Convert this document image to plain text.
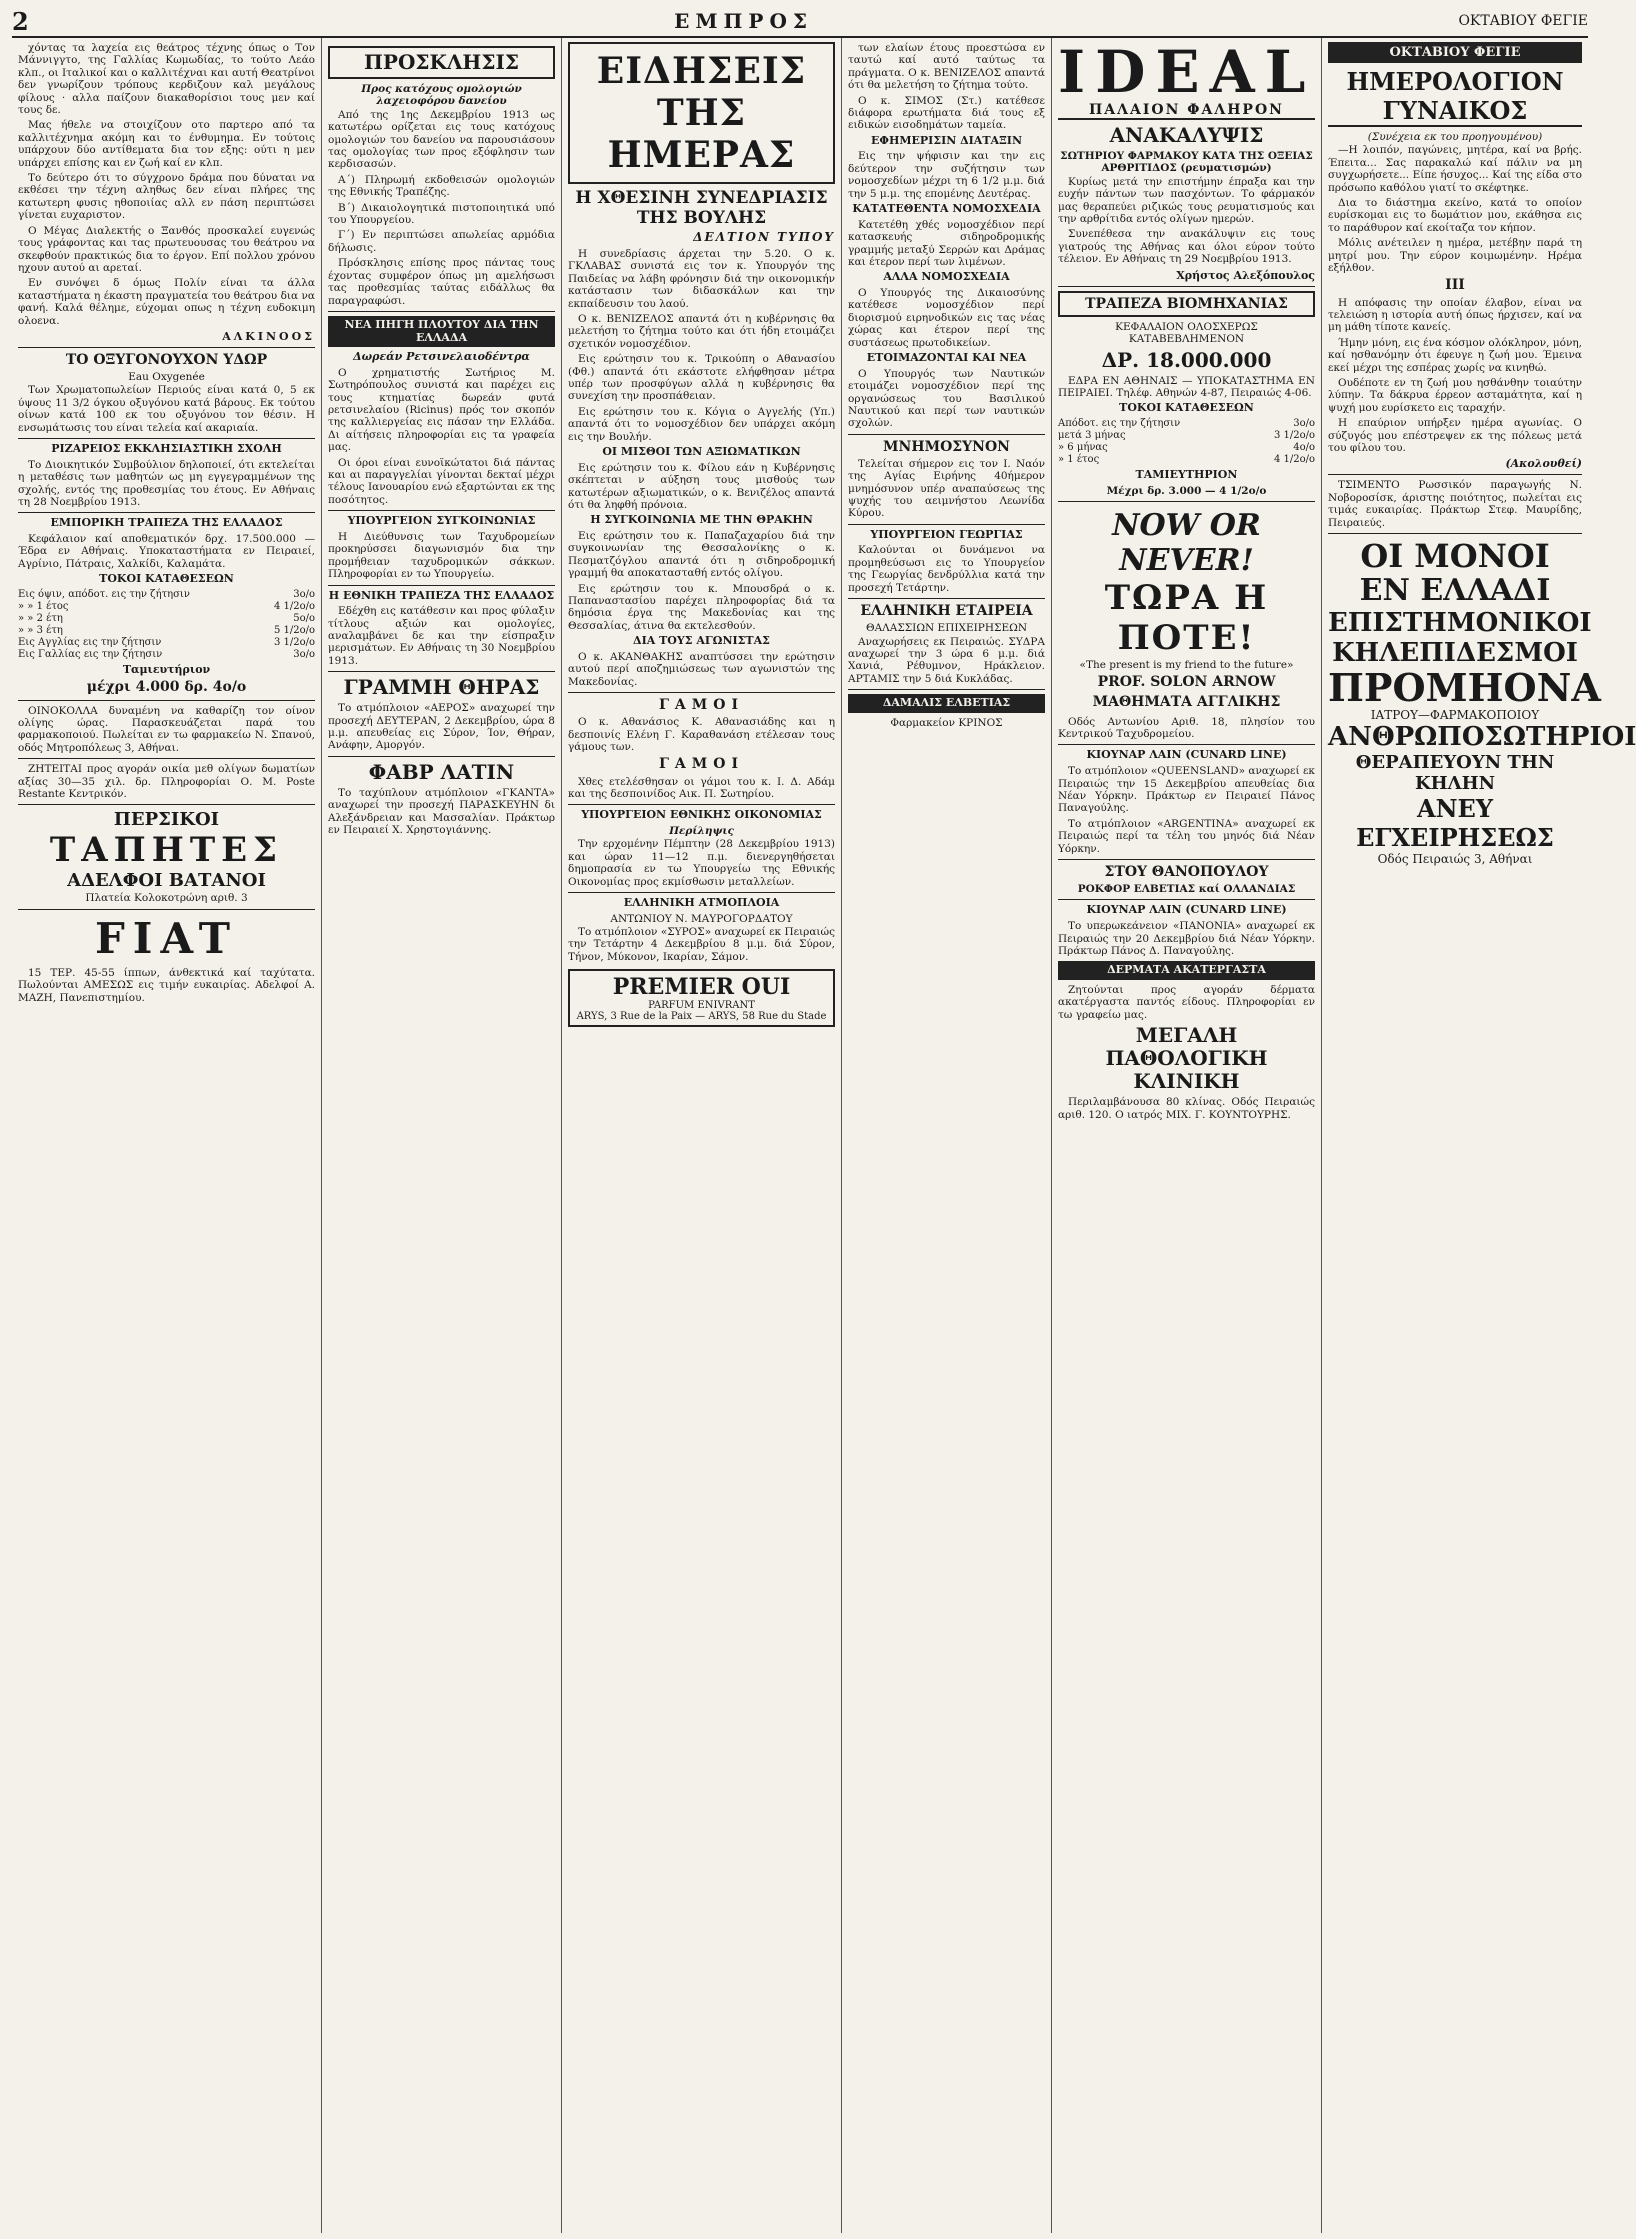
2	ΕΜΠΡΟΣ	ΟΚΤΑΒΙΟΥ ΦΕΓΙΕ

χόντας τα λαχεία εις θεάτρος τέχνης όπως ο Τον Μάννιγγτο, της Γαλλίας Κωμωδίας, το τούτο Λεάο κλπ., οι Ιταλικοί και ο καλλιτέχναι και αυτή Θεατρίνοι δεν γνωρίζουν τρόπους κερδιζουν καλ μεγάλους φίλους · αλλα παίζουν διακαθορίσιοι τους μεν καί τους δε.

Μας ήθελε να στοιχίζουν οτο παρτερο από τα καλλιτέχνημα ακόμη και το ένθυμημα. Εν τούτοις υπάρχουν δύο αντίθεματα δια τον εξης: ούτι η μεν υπάρχει επίσης και εν ζωή καί εν κλπ.

Το δεύτερο ότι το σύγχρονο δράμα που δύναται να εκθέσει την τέχνη αληθως δεν είναι πλήρες της κατωτερη φυσις ηθοποιίας αλλ εν πάση περιπτώσει γίνεται ευχαριστον.

Ο Μέγας Διαλεκτής ο Ξανθός προσκαλεί ευγενώς τους γράφοντας και τας πρωτευουσας του θεάτρου να σκεφθούν πρακτικώς δια το έργον. Επί πολλου χρόνου ηχουν αυτού αι αρεταί.

Εν συνόψει δ όμως Πολίν είναι τα άλλα καταστήματα η έκαστη πραγματεία του θεάτρου δια να φανή. Καλά θέλημε, εύχομαι οπως η τέχνη ευδοκιμη ολοενα.

ΑΛΚΙΝΟΟΣ
ΤΟ ΟΞΥΓΟΝΟΥΧΟΝ ΥΔΩΡ
Eau Oxygenée

Των Χρωματοπωλείων Περιούς είναι κατά 0, 5 εκ ύψους 11 3/2 όγκου οξυγόνου κατά βάρους. Εκ τούτου οίνων κατά 100 εκ του οξυγόνου τον θέσιν. Η ενσωμάτωσις του είναι τελεία καί ακαριαία.

ΡΙΖΑΡΕΙΟΣ ΕΚΚΛΗΣΙΑΣΤΙΚΗ ΣΧΟΛΗ

Το Διοικητικόν Συμβούλιον δηλοποιεί, ότι εκτελείται η μεταθέσις των μαθητών ως μη εγγεγραμμένων της σχολής, εντός της προθεσμίας του έτους. Εν Αθήναις τη 28 Νοεμβρίου 1913.

ΕΜΠΟΡΙΚΗ ΤΡΑΠΕΖΑ ΤΗΣ ΕΛΛΑΔΟΣ

Κεφάλαιον καί αποθεματικόν δρχ. 17.500.000 — Έδρα εν Αθήναις. Υποκαταστήματα εν Πειραιεί, Αγρίνιο, Πάτραις, Χαλκίδι, Καλαμάτα.

ΤΟΚΟΙ ΚΑΤΑΘΕΣΕΩΝ
Εις όψιν, απόδοτ. εις την ζήτησιν	3ο/ο
» » 1 έτος	4 1/2ο/ο
» » 2 έτη	5ο/ο
» » 3 έτη	5 1/2ο/ο
Εις Αγγλίας εις την ζήτησιν	3 1/2ο/ο
Εις Γαλλίας εις την ζήτησιν	3ο/ο
Ταμιευτήριον
μέχρι 4.000 δρ. 4ο/ο

ΟΙΝΟΚΟΛΛΑ δυναμένη να καθαρίζη τον οίνον ολίγης ώρας. Παρασκευάζεται παρά του φαρμακοποιού. Πωλείται εν τω φαρμακείω Ν. Σπανού, οδός Μητροπόλεως 3, Αθήναι.

ΖΗΤΕΙΤΑΙ προς αγοράν οικία μεθ ολίγων δωματίων αξίας 30—35 χιλ. δρ. Πληροφορίαι Ο. Μ. Poste Restante Κεντρικόν.

ΠΕΡΣΙΚΟΙ
ΤΑΠΗΤΕΣ
ΑΔΕΛΦΟΙ ΒΑΤΑΝΟΙ
Πλατεία Κολοκοτρώνη αριθ. 3
FIAT

15 ΤΕΡ. 45-55 ίππων, άνθεκτικά καί ταχύτατα. Πωλούνται ΑΜΕΣΩΣ εις τιμήν ευκαιρίας. Αδελφοί Α. ΜΑΖΗ, Πανεπιστημίου.

ΠΡΟΣΚΛΗΣΙΣ
Προς κατόχους ομολογιών λαχειοφόρου δανείου

Από της 1ης Δεκεμβρίου 1913 ως κατωτέρω ορίζεται εις τους κατόχους ομολογιών του δανείου να παρουσιάσουν τας ομολογίας των προς εξόφλησιν των κερδισασών.

Α΄) Πληρωμή εκδοθεισών ομολογιών της Εθνικής Τραπέζης.

Β΄) Δικαιολογητικά πιστοποιητικά υπό του Υπουργείου.

Γ΄) Εν περιπτώσει απωλείας αρμόδια δήλωσις.

Πρόσκλησις επίσης προς πάντας τους έχοντας συμφέρον όπως μη αμελήσωσι τας προθεσμίας ταύτας ειδάλλως θα παραγραφώσι.

ΝΕΑ ΠΗΓΗ ΠΛΟΥΤΟΥ ΔΙΑ ΤΗΝ ΕΛΛΑΔΑ
Δωρεάν Ρετσινελαιοδέντρα

Ο χρηματιστής Σωτήριος Μ. Σωτηρόπουλος συνιστά και παρέχει εις τους κτηματίας δωρεάν φυτά ρετσινελαίου (Ricinus) πρός τον σκοπόν της καλλιεργείας εις πάσαν την Ελλάδα. Δι αίτήσεις πληροφορίαι εις τα γραφεία μας.

Οι όροι είναι ευνοϊκώτατοι διά πάντας και αι παραγγελίαι γίνονται δεκταί μέχρι τέλους Ιανουαρίου ενώ εξαρτώνται εκ της ποσότητος.

ΥΠΟΥΡΓΕΙΟΝ ΣΥΓΚΟΙΝΩΝΙΑΣ

Η Διεύθυνσις των Ταχυδρομείων προκηρύσσει διαγωνισμόν δια την προμήθειαν ταχυδρομικών σάκκων. Πληροφορίαι εν τω Υπουργείω.

Η ΕΘΝΙΚΗ ΤΡΑΠΕΖΑ ΤΗΣ ΕΛΛΑΔΟΣ

Εδέχθη εις κατάθεσιν και προς φύλαξιν τίτλους αξιών και ομολογίες, αναλαμβάνει δε και την είσπραξιν μερισμάτων. Εν Αθήναις τη 30 Νοεμβρίου 1913.

ΓΡΑΜΜΗ ΘΗΡΑΣ

Το ατμόπλοιον «ΑΕΡΟΣ» αναχωρεί την προσεχή ΔΕΥΤΕΡΑΝ, 2 Δεκεμβρίου, ώρα 8 μ.μ. απευθείας εις Σύρον, Ίον, Θήραν, Ανάφην, Αμοργόν.

ΦΑΒΡ ΛΑΤΙΝ

Το ταχύπλουν ατμόπλοιον «ΓΚΑΝΤΑ» αναχωρεί την προσεχή ΠΑΡΑΣΚΕΥΗΝ δι Αλεξάνδρειαν και Μασσαλίαν. Πράκτωρ εν Πειραιεί Χ. Χρηστογιάννης.

ΕΙΔΗΣΕΙΣ ΤΗΣ ΗΜΕΡΑΣ
Η ΧΘΕΣΙΝΗ ΣΥΝΕΔΡΙΑΣΙΣ ΤΗΣ ΒΟΥΛΗΣ
ΔΕΛΤΙΟΝ ΤΥΠΟΥ

Η συνεδρίασις άρχεται την 5.20. Ο κ. ΓΚΛΑΒΑΣ συνιστά εις τον κ. Υπουργόν της Παιδείας να λάβη φρόνησιν διά την οικονομικήν κατάστασιν των διδασκάλων και την εκπαίδευσιν του λαού.

Ο κ. ΒΕΝΙΖΕΛΟΣ απαντά ότι η κυβέρνησις θα μελετήση το ζήτημα τούτο και ότι ήδη ετοιμάζει σχετικόν νομοσχέδιον.

Εις ερώτησιν του κ. Τρικούπη ο Αθανασίου (Φθ.) απαντά ότι εκάστοτε ελήφθησαν μέτρα υπέρ των προσφύγων αλλά η κυβέρνησις θα συνεχίση την προσπάθειαν.

Εις ερώτησιν του κ. Κόγια ο Αγγελής (Υπ.) απαντά ότι το νομοσχέδιον δεν υπάρχει ακόμη εις την Βουλήν.

ΟΙ ΜΙΣΘΟΙ ΤΩΝ ΑΞΙΩΜΑΤΙΚΩΝ

Εις ερώτησιν του κ. Φίλου εάν η Κυβέρνησις σκέπτεται ν αύξηση τους μισθούς των κατωτέρων αξιωματικών, ο κ. Βενιζέλος απαντά ότι θα ληφθή πρόνοια.

Η ΣΥΓΚΟΙΝΩΝΙΑ ΜΕ ΤΗΝ ΘΡΑΚΗΝ

Εις ερώτησιν του κ. Παπαζαχαρίου διά την συγκοινωνίαν της Θεσσαλονίκης ο κ. Πεσματζόγλου απαντά ότι η σιδηροδρομική γραμμή θα αποκατασταθή εντός ολίγου.

Εις ερώτησιν του κ. Μπουσδρά ο κ. Παπαναστασίου παρέχει πληροφορίας διά τα δημόσια έργα της Μακεδονίας και της Θεσσαλίας, άτινα θα εκτελεσθούν.

ΔΙΑ ΤΟΥΣ ΑΓΩΝΙΣΤΑΣ

Ο κ. ΑΚΑΝΘΑΚΗΣ αναπτύσσει την ερώτησιν αυτού περί αποζημιώσεως των αγωνιστών της Μακεδονίας.

ΓΑΜΟΙ

Ο κ. Αθανάσιος Κ. Αθανασιάδης και η δεσποινίς Ελένη Γ. Καραθανάση ετέλεσαν τους γάμους των.

ΓΑΜΟΙ

Χθες ετελέσθησαν οι γάμοι του κ. Ι. Δ. Αδάμ και της δεσποινίδος Αικ. Π. Σωτηρίου.

ΥΠΟΥΡΓΕΙΟΝ ΕΘΝΙΚΗΣ ΟΙΚΟΝΟΜΙΑΣ
Περίληψις

Την ερχομένην Πέμπτην (28 Δεκεμβρίου 1913) και ώραν 11—12 π.μ. διενεργηθήσεται δημοπρασία εν τω Υπουργείω της Εθνικής Οικονομίας προς εκμίσθωσιν μεταλλείων.

ΕΛΛΗΝΙΚΗ ΑΤΜΟΠΛΟΙΑ
ΑΝΤΩΝΙΟΥ Ν. ΜΑΥΡΟΓΟΡΔΑΤΟΥ

Το ατμόπλοιον «ΣΥΡΟΣ» αναχωρεί εκ Πειραιώς την Τετάρτην 4 Δεκεμβρίου 8 μ.μ. διά Σύρον, Τήνον, Μύκονον, Ικαρίαν, Σάμον.

PREMIER OUI
PARFUM ENIVRANT
ARYS, 3 Rue de la Paix — ARYS, 58 Rue du Stade

των ελαίων έτους προεστώσα εν ταυτώ καί αυτό ταύτως τα πράγματα. Ο κ. ΒΕΝΙΖΕΛΟΣ απαντά ότι θα μελετήση το ζήτημα τούτο.

Ο κ. ΣΙΜΟΣ (Στ.) κατέθεσε διάφορα ερωτήματα διά τους εξ ειδικών εισοδημάτων ταμεία.

ΕΦΗΜΕΡΙΣΙΝ ΔΙΑΤΑΞΙΝ

Εις την ψήφισιν και την εις δεύτερον την συζήτησιν των νομοσχεδίων μέχρι τη 6 1/2 μ.μ. διά την 5 μ.μ. της επομένης Δευτέρας.

ΚΑΤΑΤΕΘΕΝΤΑ ΝΟΜΟΣΧΕΔΙΑ

Κατετέθη χθές νομοσχέδιον περί κατασκευής σιδηροδρομικής γραμμής μεταξύ Σερρών και Δράμας και έτερον περί των λιμένων.

ΑΛΛΑ ΝΟΜΟΣΧΕΔΙΑ

Ο Υπουργός της Δικαιοσύνης κατέθεσε νομοσχέδιον περί διορισμού ειρηνοδικών εις τας νέας χώρας και έτερον περί της συστάσεως πρωτοδικείων.

ΕΤΟΙΜΑΖΟΝΤΑΙ ΚΑΙ ΝΕΑ

Ο Υπουργός των Ναυτικών ετοιμάζει νομοσχέδιον περί της οργανώσεως του Βασιλικού Ναυτικού και περί των ναυτικών σχολών.

ΜΝΗΜΟΣΥΝΟΝ

Τελείται σήμερον εις τον Ι. Ναόν της Αγίας Ειρήνης 40ήμερον μνημόσυνον υπέρ αναπαύσεως της ψυχής του αειμνήστου Λεωνίδα Κύρου.

ΥΠΟΥΡΓΕΙΟΝ ΓΕΩΡΓΙΑΣ

Καλούνται οι δυνάμενοι να προμηθεύσωσι εις το Υπουργείον της Γεωργίας δενδρύλλια κατά την προσεχή Τετάρτην.

ΕΛΛΗΝΙΚΗ ΕΤΑΙΡΕΙΑ
ΘΑΛΑΣΣΙΩΝ ΕΠΙΧΕΙΡΗΣΕΩΝ

Αναχωρήσεις εκ Πειραιώς. ΣΥΔΡΑ αναχωρεί την 3 ώρα 6 μ.μ. διά Χανιά, Ρέθυμνον, Ηράκλειον. ΑΡΤΑΜΙΣ την 5 διά Κυκλάδας.

ΔΑΜΑΛΙΣ ΕΛΒΕΤΙΑΣ
Φαρμακείον ΚΡΙΝΟΣ
IDEAL
ΠΑΛΑΙΟΝ ΦΑΛΗΡΟΝ
ΑΝΑΚΑΛΥΨΙΣ
ΣΩΤΗΡΙΟΥ ΦΑΡΜΑΚΟΥ ΚΑΤΑ ΤΗΣ ΟΞΕΙΑΣ ΑΡΘΡΙΤΙΔΟΣ (ρευματισμών)

Κυρίως μετά την επιστήμην έπραξα και την ευχήν πάντων των πασχόντων. Το φάρμακόν μας θεραπεύει ριζικώς τους ρευματισμούς και την αρθρίτιδα εντός ολίγων ημερών.

Συνεπέθεσα την ανακάλυψιν εις τους γιατρούς της Αθήνας και όλοι εύρον τούτο τέλειον. Εν Αθήναις τη 29 Νοεμβρίου 1913.

Χρήστος Αλεξόπουλος
ΤΡΑΠΕΖΑ ΒΙΟΜΗΧΑΝΙΑΣ
ΚΕΦΑΛΑΙΟΝ ΟΛΟΣΧΕΡΩΣ ΚΑΤΑΒΕΒΛΗΜΕΝΟΝ
ΔΡ. 18.000.000

ΕΔΡΑ ΕΝ ΑΘΗΝΑΙΣ — ΥΠΟΚΑΤΑΣΤΗΜΑ ΕΝ ΠΕΙΡΑΙΕΙ. Τηλέφ. Αθηνών 4-87, Πειραιώς 4-06.

ΤΟΚΟΙ ΚΑΤΑΘΕΣΕΩΝ
Απόδοτ. εις την ζήτησιν	3ο/ο
μετά 3 μήνας	3 1/2ο/ο
» 6 μήνας	4ο/ο
» 1 έτος	4 1/2ο/ο
ΤΑΜΙΕΥΤΗΡΙΟΝ
Μέχρι δρ. 3.000 — 4 1/2ο/ο
NOW OR NEVER!
ΤΩΡΑ Η ΠΟΤΕ!
«The present is my friend to the future»
PROF. SOLON ARNOW
ΜΑΘΗΜΑΤΑ ΑΓΓΛΙΚΗΣ

Οδός Αντωνίου Αριθ. 18, πλησίον του Κεντρικού Ταχυδρομείου.

ΚΙΟΥΝΑΡ ΛΑΙΝ (CUNARD LINE)

Το ατμόπλοιον «QUEENSLAND» αναχωρεί εκ Πειραιώς την 15 Δεκεμβρίου απευθείας δια Νέαν Υόρκην. Πράκτωρ εν Πειραιεί Πάνος Παναγούλης.

Το ατμόπλοιον «ARGENTINA» αναχωρεί εκ Πειραιώς περί τα τέλη του μηνός διά Νέαν Υόρκην.

ΣΤΟΥ ΘΑΝΟΠΟΥΛΟΥ
ΡΟΚΦΟΡ ΕΛΒΕΤΙΑΣ καί ΟΛΛΑΝΔΙΑΣ
ΚΙΟΥΝΑΡ ΛΑΙΝ (CUNARD LINE)

Το υπερωκεάνειον «ΠΑΝΟΝΙΑ» αναχωρεί εκ Πειραιώς την 20 Δεκεμβρίου διά Νέαν Υόρκην. Πράκτωρ Πάνος Δ. Παναγούλης.

ΔΕΡΜΑΤΑ ΑΚΑΤΕΡΓΑΣΤΑ

Ζητούνται προς αγοράν δέρματα ακατέργαστα παντός είδους. Πληροφορίαι εν τω γραφείω μας.

ΜΕΓΑΛΗ ΠΑΘΟΛΟΓΙΚΗ ΚΛΙΝΙΚΗ

Περιλαμβάνουσα 80 κλίνας. Οδός Πειραιώς αριθ. 120. Ο ιατρός ΜΙΧ. Γ. ΚΟΥΝΤΟΥΡΗΣ.

ΟΚΤΑΒΙΟΥ ΦΕΓΙΕ
ΗΜΕΡΟΛΟΓΙΟΝ ΓΥΝΑΙΚΟΣ
(Συνέχεια εκ του προηγουμένου)

—Η λοιπόν, παγώνεις, μητέρα, καί να βρής. Έπειτα... Σας παρακαλώ καί πάλιν να μη συγχωρήσετε... Είπε ήσυχος... Καί της είδα στο πρόσωπο καθόλου γιατί το σκέφτηκε.

Δια το διάστημα εκείνο, κατά το οποίον ευρίσκομαι εις το δωμάτιον μου, εκάθησα εις το παράθυρον καί εκοίταζα τον κήπον.

Μόλις ανέτειλεν η ημέρα, μετέβην παρά τη μητρί μου. Την εύρον κοιμωμένην. Ηρέμα εξήλθον.

ΙΙΙ

Η απόφασις την οποίαν έλαβον, είναι να τελειώση η ιστορία αυτή όπως ήρχισεν, καί να μη μάθη τίποτε κανείς.

Ήμην μόνη, εις ένα κόσμον ολόκληρον, μόνη, καί ησθανόμην ότι έφευγε η ζωή μου. Έμεινα εκεί μέχρι της εσπέρας χωρίς να κινηθώ.

Ουδέποτε εν τη ζωή μου ησθάνθην τοιαύτην λύπην. Τα δάκρυα έρρεον ασταμάτητα, καί η ψυχή μου ευρίσκετο εις ταραχήν.

Η επαύριον υπήρξεν ημέρα αγωνίας. Ο σύζυγός μου επέστρεψεν εκ της πόλεως μετά του φίλου του.

(Ακολουθεί)

ΤΣΙΜΕΝΤΟ Ρωσσικόν παραγωγής Ν. Νοβοροσίσκ, άριστης ποιότητος, πωλείται εις τιμάς ευκαιρίας. Πράκτωρ Στεφ. Μαυρίδης, Πειραιεύς.

ΟΙ ΜΟΝΟΙ
ΕΝ ΕΛΛΑΔΙ
ΕΠΙΣΤΗΜΟΝΙΚΟΙ
ΚΗΛΕΠΙΔΕΣΜΟΙ
ΠΡΟΜΗΟΝΑ
ΙΑΤΡΟΥ—ΦΑΡΜΑΚΟΠΟΙΟΥ
ΑΝΘΡΩΠΟΣΩΤΗΡΙΟΙ
ΘΕΡΑΠΕΥΟΥΝ ΤΗΝ ΚΗΛΗΝ
ΑΝΕΥ ΕΓΧΕΙΡΗΣΕΩΣ
Οδός Πειραιώς 3, Αθήναι
